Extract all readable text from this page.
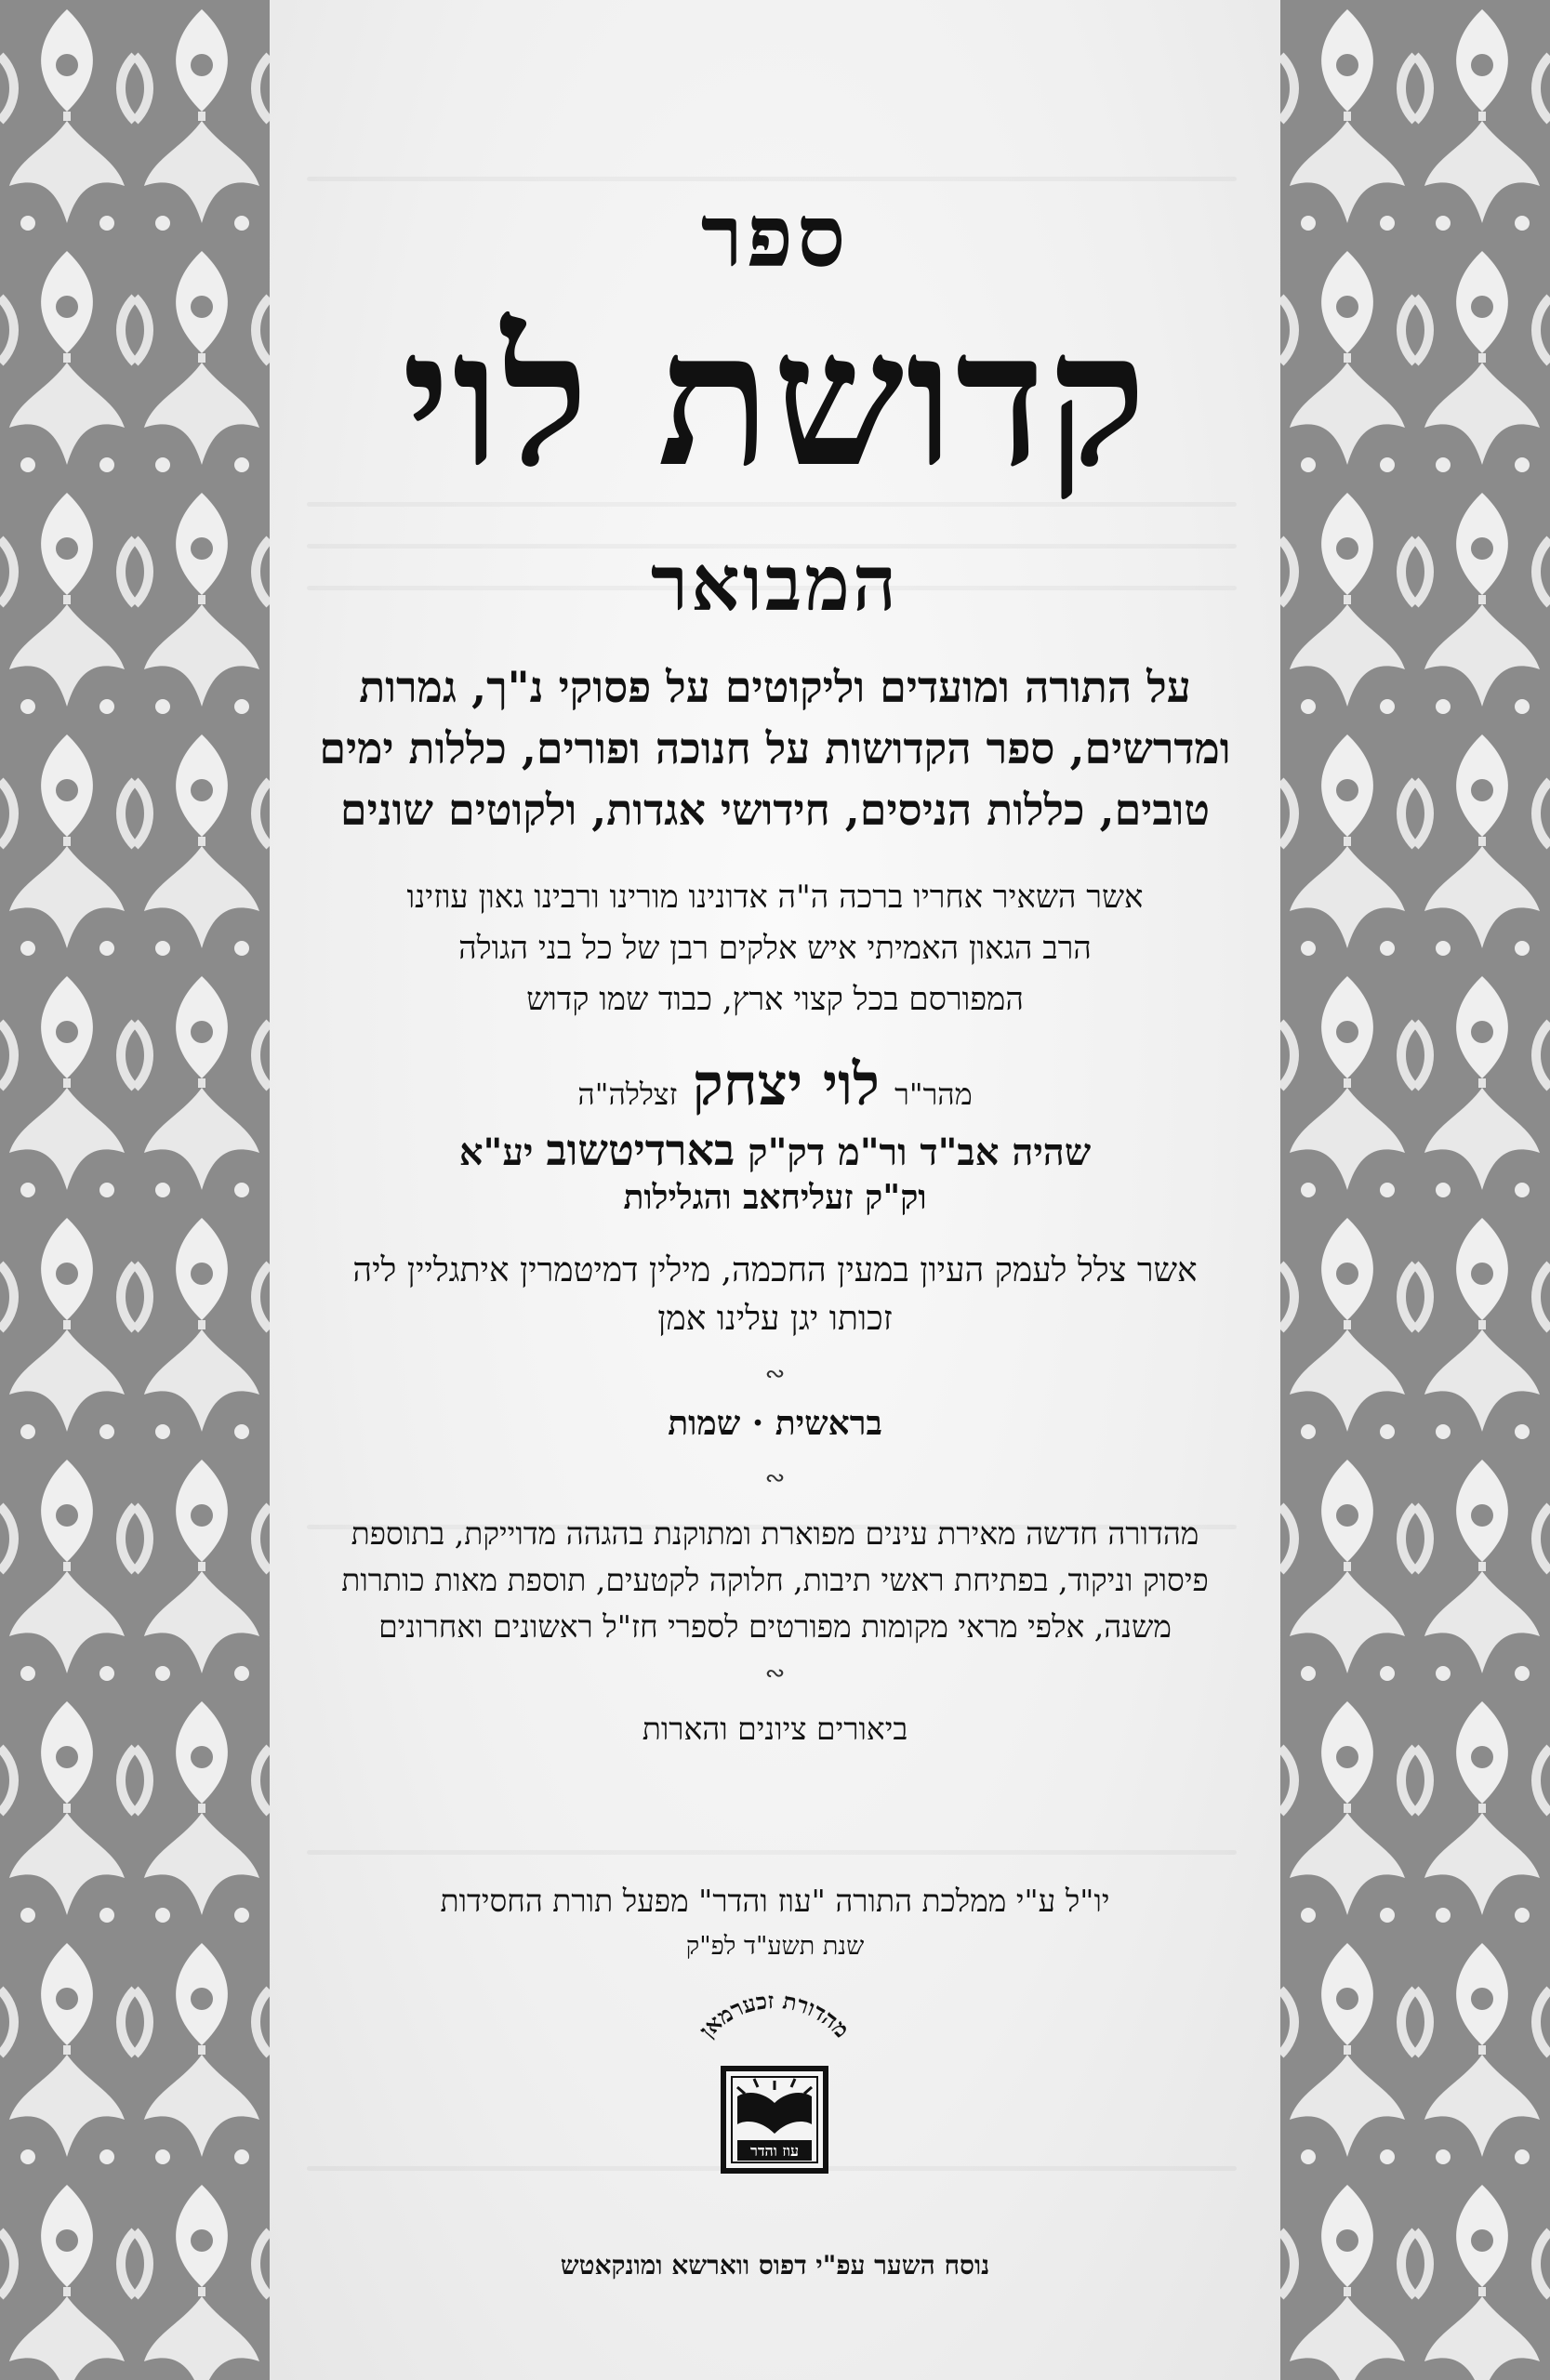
ספר
קדושת לוי
המבואר
על התורה ומועדים וליקוטים על פסוקי נ"ך, גמרות
ומדרשים, ספר הקדושות על חנוכה ופורים, כללות ימים
טובים, כללות הניסים, חידושי אגדות, ולקוטים שונים
אשר השאיר אחריו ברכה ה"ה אדונינו מורינו ורבינו גאון עוזינו
הרב הגאון האמיתי איש אלקים רבן של כל בני הגולה
המפורסם בכל קצוי ארץ, כבוד שמו קדוש
מהר"ר לוי יצחק זצללה"ה
שהיה אב"ד ור"מ דק"ק בארדיטשוב יע"א
וק"ק זעליחאב והגלילות
אשר צלל לעמק העיון במעין החכמה, מילין דמיטמרין איתגליין ליה
זכותו יגן עלינו אמן
∾
בראשית · שמות
∾
מהדורה חדשה מאירת עינים מפוארת ומתוקנת בהגהה מדוייקת, בתוספת
פיסוק וניקוד, בפתיחת ראשי תיבות, חלוקה לקטעים, תוספת מאות כותרות
משנה, אלפי מראי מקומות מפורטים לספרי חז"ל ראשונים ואחרונים
∾
ביאורים ציונים והארות
יו"ל ע"י ממלכת התורה "עוז והדר" מפעל תורת החסידות
שנת תשע"ד לפ"ק
מהדורת זכערמאן
עוז והדר
נוסח השער עפ"י דפוס ווארשא ומונקאטש
